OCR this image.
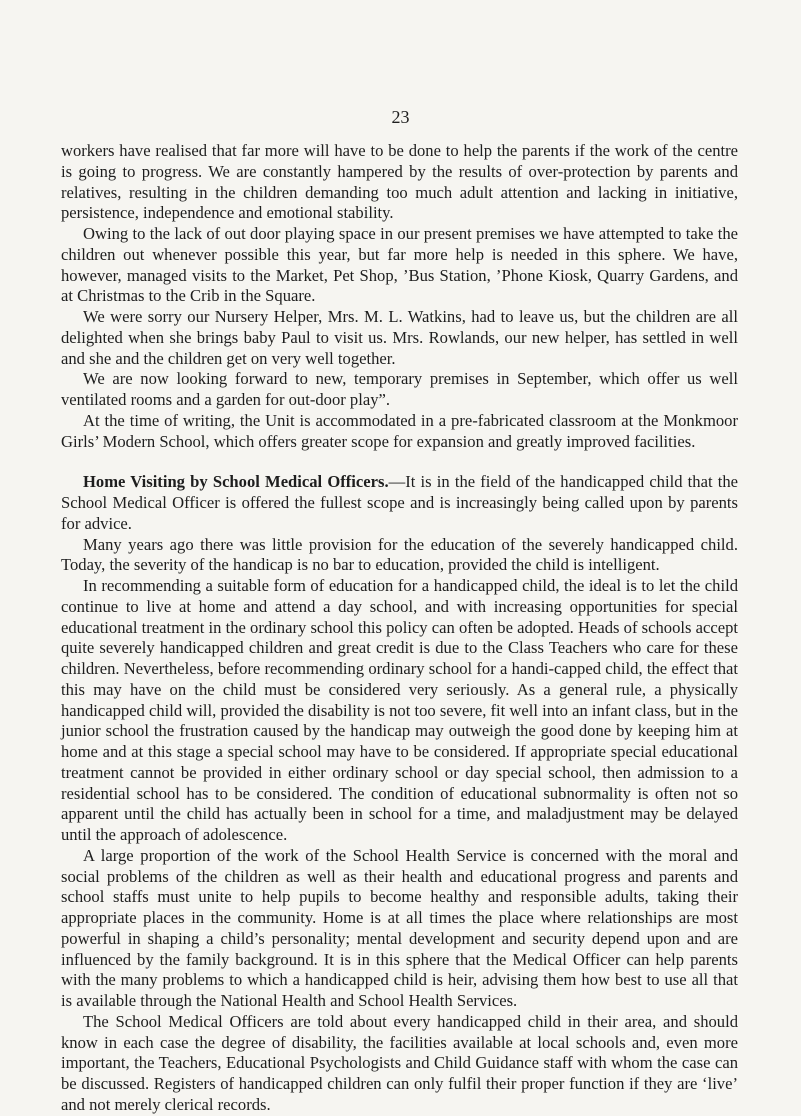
23

workers have realised that far more will have to be done to help the parents if the work of the centre is going to progress. We are constantly hampered by the results of over-protection by parents and relatives, resulting in the children demanding too much adult attention and lacking in initiative, persistence, independence and emotional stability.

Owing to the lack of out door playing space in our present premises we have attempted to take the children out whenever possible this year, but far more help is needed in this sphere. We have, however, managed visits to the Market, Pet Shop, ’Bus Station, ’Phone Kiosk, Quarry Gardens, and at Christmas to the Crib in the Square.

We were sorry our Nursery Helper, Mrs. M. L. Watkins, had to leave us, but the children are all delighted when she brings baby Paul to visit us. Mrs. Rowlands, our new helper, has settled in well and she and the children get on very well together.

We are now looking forward to new, temporary premises in September, which offer us well ventilated rooms and a garden for out-door play”.

At the time of writing, the Unit is accommodated in a pre-fabricated classroom at the Monkmoor Girls’ Modern School, which offers greater scope for expansion and greatly improved facilities.

Home Visiting by School Medical Officers.—It is in the field of the handicapped child that the School Medical Officer is offered the fullest scope and is increasingly being called upon by parents for advice.

Many years ago there was little provision for the education of the severely handicapped child. Today, the severity of the handicap is no bar to education, provided the child is intelligent.

In recommending a suitable form of education for a handicapped child, the ideal is to let the child continue to live at home and attend a day school, and with increasing opportunities for special educational treatment in the ordinary school this policy can often be adopted. Heads of schools accept quite severely handicapped children and great credit is due to the Class Teachers who care for these children. Nevertheless, before recommending ordinary school for a handi-capped child, the effect that this may have on the child must be considered very seriously. As a general rule, a physically handicapped child will, provided the disability is not too severe, fit well into an infant class, but in the junior school the frustration caused by the handicap may outweigh the good done by keeping him at home and at this stage a special school may have to be considered. If appropriate special educational treatment cannot be provided in either ordinary school or day special school, then admission to a residential school has to be considered. The condition of educational subnormality is often not so apparent until the child has actually been in school for a time, and maladjustment may be delayed until the approach of adolescence.

A large proportion of the work of the School Health Service is concerned with the moral and social problems of the children as well as their health and educational progress and parents and school staffs must unite to help pupils to become healthy and responsible adults, taking their appropriate places in the community. Home is at all times the place where relationships are most powerful in shaping a child’s personality; mental development and security depend upon and are influenced by the family background. It is in this sphere that the Medical Officer can help parents with the many problems to which a handicapped child is heir, advising them how best to use all that is available through the National Health and School Health Services.

The School Medical Officers are told about every handicapped child in their area, and should know in each case the degree of disability, the facilities available at local schools and, even more important, the Teachers, Educational Psychologists and Child Guidance staff with whom the case can be discussed. Registers of handicapped children can only fulfil their proper function if they are ‘live’ and not merely clerical records.
